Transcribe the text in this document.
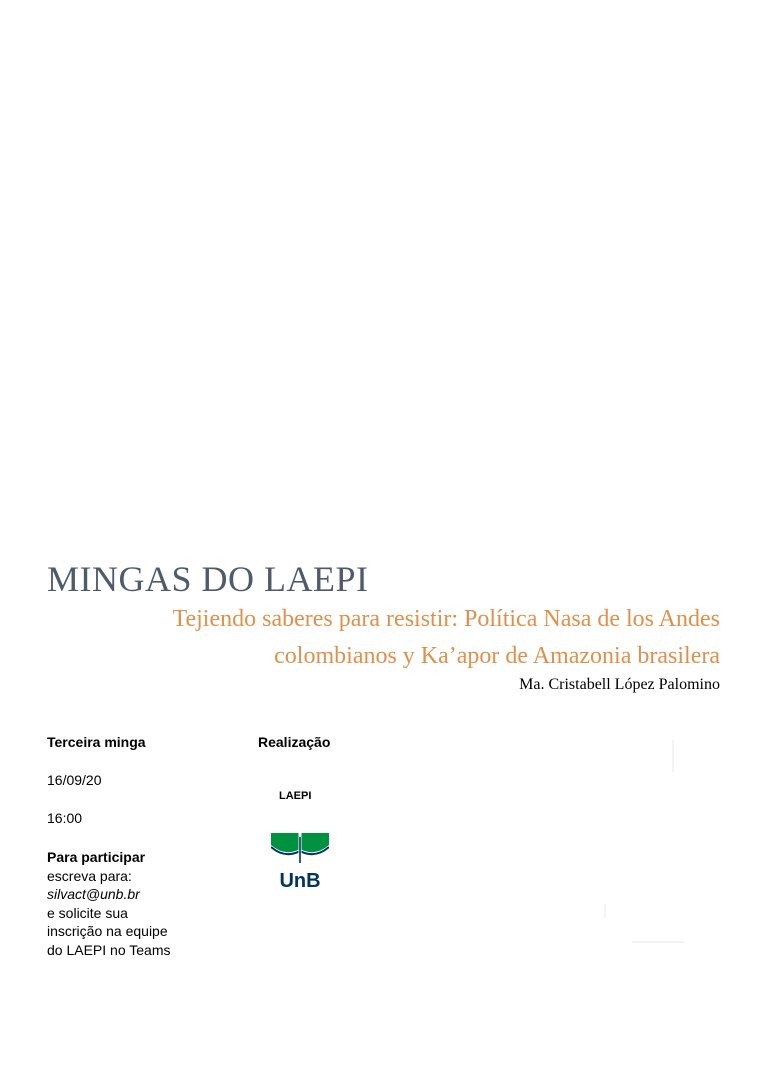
MINGAS DO LAEPI
Tejiendo saberes para resistir: Política Nasa de los Andes
colombianos y Ka’apor de Amazonia brasilera
Ma. Cristabell López Palomino
Terceira minga
16/09/20
16:00
Para participar
escreva para:
silvact@unb.br
e solicite sua
inscrição na equipe
do LAEPI no Teams
Realização
LAEPI
UnB
